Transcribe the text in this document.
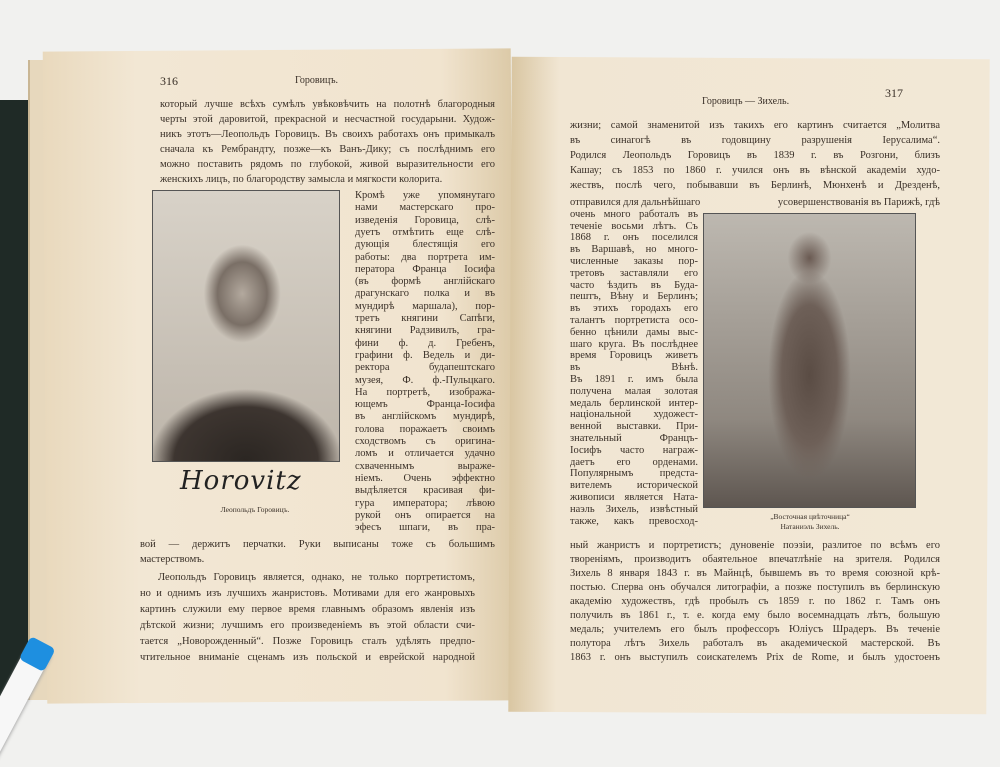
316	Горовицъ.
Horovitz
Леопольдъ Горовицъ.
который лучше всѣхъ сумѣлъ увѣковѣчить на полотнѣ благородныя
черты этой даровитой, прекрасной и несчастной государыни. Худож-
никъ этотъ—Леопольдъ Горовицъ. Въ своихъ работахъ онъ примыкалъ
сначала къ Рембрандту, позже—къ Ванъ-Дику; съ послѣднимъ его
можно поставить рядомъ по глубокой, живой выразительности его
женскихъ лицъ, по благородству замысла и мягкости колорита.
Кромѣ уже упомянутаго
нами мастерскаго про-
изведенія Горовица, слѣ-
дуетъ отмѣтить еще слѣ-
дующія блестящія его
работы: два портрета им-
ператора Франца Іосифа
(въ формѣ англійскаго
драгунскаго полка и въ
мундирѣ маршала), пор-
третъ княгини Сапѣги,
княгини Радзивилъ, гра-
фини ф. д. Гребенъ,
графини ф. Ведель и ди-
ректора будапештскаго
музея, Ф. ф.-Пульцкаго.
На портретѣ, изобража-
ющемъ Франца-Іосифа
въ англійскомъ мундирѣ,
голова поражаетъ своимъ
сходствомъ съ оригина-
ломъ и отличается удачно
схваченнымъ выраже-
ніемъ. Очень эффектно
выдѣляется красивая фи-
гура императора; лѣвою
рукой онъ опирается на
эфесъ шпаги, въ пра-
вой — держитъ перчатки. Руки выписаны тоже съ большимъ
мастерствомъ.
Леопольдъ Горовицъ является, однако, не только портретистомъ,
но и однимъ изъ лучшихъ жанристовъ. Мотивами для его жанровыхъ
картинъ служили ему первое время главнымъ образомъ явленія изъ
дѣтской жизни; лучшимъ его произведеніемъ въ этой области счи-
тается „Новорожденный“. Позже Горовицъ сталъ удѣлять предпо-
чтительное вниманіе сценамъ изъ польской и еврейской народной
Горовицъ — Зихель.
317
„Восточная цвѣточница“
Натаниэль Зихель.
жизни; самой знаменитой изъ такихъ его картинъ считается „Молитва
въ синагогѣ въ годовщину разрушенія Іерусалима“.
Родился Леопольдъ Горовицъ въ 1839 г. въ Розгони, близъ
Кашау; съ 1853 по 1860 г. учился онъ въ вѣнской академіи худо-
жествъ, послѣ чего, побывавши въ Берлинѣ, Мюнхенѣ и Дрезденѣ,
отправился для дальнѣйшаго
очень много работалъ въ
теченіе восьми лѣтъ. Съ
1868 г. онъ поселился
въ Варшавѣ, но много-
численные заказы пор-
третовъ заставляли его
часто ѣздить въ Буда-
пештъ, Вѣну и Берлинъ;
въ этихъ городахъ его
талантъ портретиста осо-
бенно цѣнили дамы выс-
шаго круга. Въ послѣднее
время Горовицъ живетъ
въ Вѣнѣ.
Въ 1891 г. имъ была
получена малая золотая
медаль берлинской интер-
національной художест-
венной выставки. При-
знательный Францъ-
Іосифъ часто награж-
даетъ его орденами.
Популярнымъ предста-
вителемъ исторической
живописи является Ната-
наэль Зихель, извѣстный
также, какъ превосход-
ный жанристъ и портретистъ; дуновеніе поэзіи, разлитое по всѣмъ его
твореніямъ, производитъ обаятельное впечатлѣніе на зрителя. Родился
Зихель 8 января 1843 г. въ Майнцѣ, бывшемъ въ то время союзной крѣ-
постью. Сперва онъ обучался литографіи, а позже поступилъ въ берлинскую
академію художествъ, гдѣ пробылъ съ 1859 г. по 1862 г. Тамъ онъ
получилъ въ 1861 г., т. е. когда ему было восемнадцать лѣтъ, большую
медаль; учителемъ его былъ профессоръ Юліусъ Шрадеръ. Въ теченіе
полутора лѣтъ Зихель работалъ въ академической мастерской. Въ
1863 г. онъ выступилъ соискателемъ Prix de Rome, и былъ удостоенъ
усовершенствованія въ Парижѣ, гдѣ
